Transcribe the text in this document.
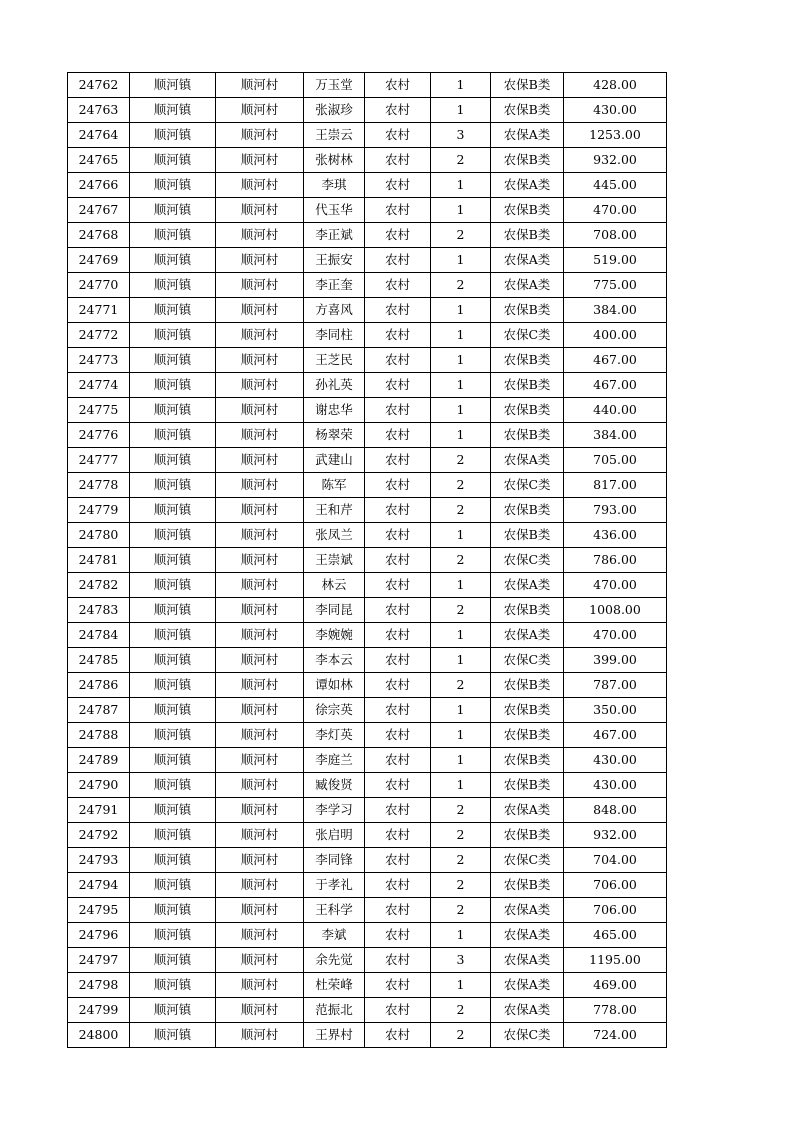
24762	顺河镇	顺河村	万玉堂	农村	1	农保B类	428.00
24763	顺河镇	顺河村	张淑珍	农村	1	农保B类	430.00
24764	顺河镇	顺河村	王崇云	农村	3	农保A类	1253.00
24765	顺河镇	顺河村	张树林	农村	2	农保B类	932.00
24766	顺河镇	顺河村	李琪	农村	1	农保A类	445.00
24767	顺河镇	顺河村	代玉华	农村	1	农保B类	470.00
24768	顺河镇	顺河村	李正斌	农村	2	农保B类	708.00
24769	顺河镇	顺河村	王振安	农村	1	农保A类	519.00
24770	顺河镇	顺河村	李正奎	农村	2	农保A类	775.00
24771	顺河镇	顺河村	方喜风	农村	1	农保B类	384.00
24772	顺河镇	顺河村	李同柱	农村	1	农保C类	400.00
24773	顺河镇	顺河村	王芝民	农村	1	农保B类	467.00
24774	顺河镇	顺河村	孙礼英	农村	1	农保B类	467.00
24775	顺河镇	顺河村	谢忠华	农村	1	农保B类	440.00
24776	顺河镇	顺河村	杨翠荣	农村	1	农保B类	384.00
24777	顺河镇	顺河村	武建山	农村	2	农保A类	705.00
24778	顺河镇	顺河村	陈军	农村	2	农保C类	817.00
24779	顺河镇	顺河村	王和芹	农村	2	农保B类	793.00
24780	顺河镇	顺河村	张凤兰	农村	1	农保B类	436.00
24781	顺河镇	顺河村	王崇斌	农村	2	农保C类	786.00
24782	顺河镇	顺河村	林云	农村	1	农保A类	470.00
24783	顺河镇	顺河村	李同昆	农村	2	农保B类	1008.00
24784	顺河镇	顺河村	李婉婉	农村	1	农保A类	470.00
24785	顺河镇	顺河村	李本云	农村	1	农保C类	399.00
24786	顺河镇	顺河村	谭如林	农村	2	农保B类	787.00
24787	顺河镇	顺河村	徐宗英	农村	1	农保B类	350.00
24788	顺河镇	顺河村	李灯英	农村	1	农保B类	467.00
24789	顺河镇	顺河村	李庭兰	农村	1	农保B类	430.00
24790	顺河镇	顺河村	臧俊贤	农村	1	农保B类	430.00
24791	顺河镇	顺河村	李学习	农村	2	农保A类	848.00
24792	顺河镇	顺河村	张启明	农村	2	农保B类	932.00
24793	顺河镇	顺河村	李同锋	农村	2	农保C类	704.00
24794	顺河镇	顺河村	于孝礼	农村	2	农保B类	706.00
24795	顺河镇	顺河村	王科学	农村	2	农保A类	706.00
24796	顺河镇	顺河村	李斌	农村	1	农保A类	465.00
24797	顺河镇	顺河村	余先觉	农村	3	农保A类	1195.00
24798	顺河镇	顺河村	杜荣峰	农村	1	农保A类	469.00
24799	顺河镇	顺河村	范振北	农村	2	农保A类	778.00
24800	顺河镇	顺河村	王界村	农村	2	农保C类	724.00
